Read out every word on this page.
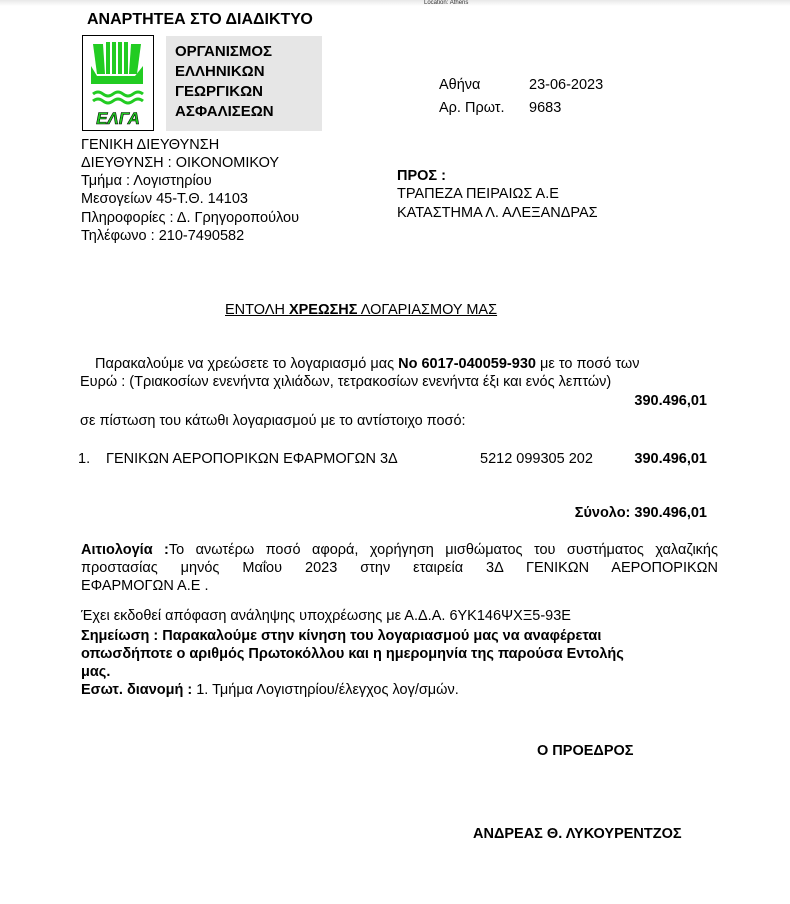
Location: Athens
ΑΝΑΡΤΗΤΕΑ ΣΤΟ ΔΙΑΔΙΚΤΥΟ
ΕΛΓΑ
ΟΡΓΑΝΙΣΜΟΣ
ΕΛΛΗΝΙΚΩΝ
ΓΕΩΡΓΙΚΩΝ
ΑΣΦΑΛΙΣΕΩΝ
Αθήνα	23-06-2023
Αρ. Πρωτ. 9683
ΓΕΝΙΚΗ ΔΙΕΥΘΥΝΣΗ
ΔΙΕΥΘΥΝΣΗ : ΟΙΚΟΝΟΜΙΚΟΥ
Τμήμα : Λογιστηρίου
Μεσογείων 45-Τ.Θ. 14103
Πληροφορίες : Δ. Γρηγοροπούλου
Τηλέφωνο : 210-7490582
ΠΡΟΣ :
ΤΡΑΠΕΖΑ ΠΕΙΡΑΙΩΣ Α.Ε
ΚΑΤΑΣΤΗΜΑ Λ. ΑΛΕΞΑΝΔΡΑΣ
ΕΝΤΟΛΗ ΧΡΕΩΣΗΣ ΛΟΓΑΡΙΑΣΜΟΥ ΜΑΣ
Παρακαλούμε να χρεώσετε το λογαριασμό μας Νο 6017-040059-930 με το ποσό των
Ευρώ : (Τριακοσίων ενενήντα χιλιάδων, τετρακοσίων ενενήντα έξι και ενός λεπτών)
390.496,01
σε πίστωση του κάτωθι λογαριασμού με το αντίστοιχο ποσό:
1. ΓΕΝΙΚΩΝ ΑΕΡΟΠΟΡΙΚΩΝ ΕΦΑΡΜΟΓΩΝ 3Δ	5212 099305 202	390.496,01
Σύνολο: 390.496,01
Αιτιολογία :Το ανωτέρω ποσό αφορά, χορήγηση μισθώματος του συστήματος χαλαζικής
προστασίας μηνός Μαΐου 2023 στην εταιρεία 3Δ ΓΕΝΙΚΩΝ ΑΕΡΟΠΟΡΙΚΩΝ
ΕΦΑΡΜΟΓΩΝ Α.Ε .
Έχει εκδοθεί απόφαση ανάληψης υποχρέωσης με Α.Δ.Α. 6ΥΚ146ΨΧΞ5-93Ε
Σημείωση : Παρακαλούμε στην κίνηση του λογαριασμού μας να αναφέρεται
οπωσδήποτε ο αριθμός Πρωτοκόλλου και η ημερομηνία της παρούσα Εντολής
μας.
Εσωτ. διανομή : 1. Τμήμα Λογιστηρίου/έλεγχος λογ/σμών.
Ο ΠΡΟΕΔΡΟΣ
ΑΝΔΡΕΑΣ Θ. ΛΥΚΟΥΡΕΝΤΖΟΣ
